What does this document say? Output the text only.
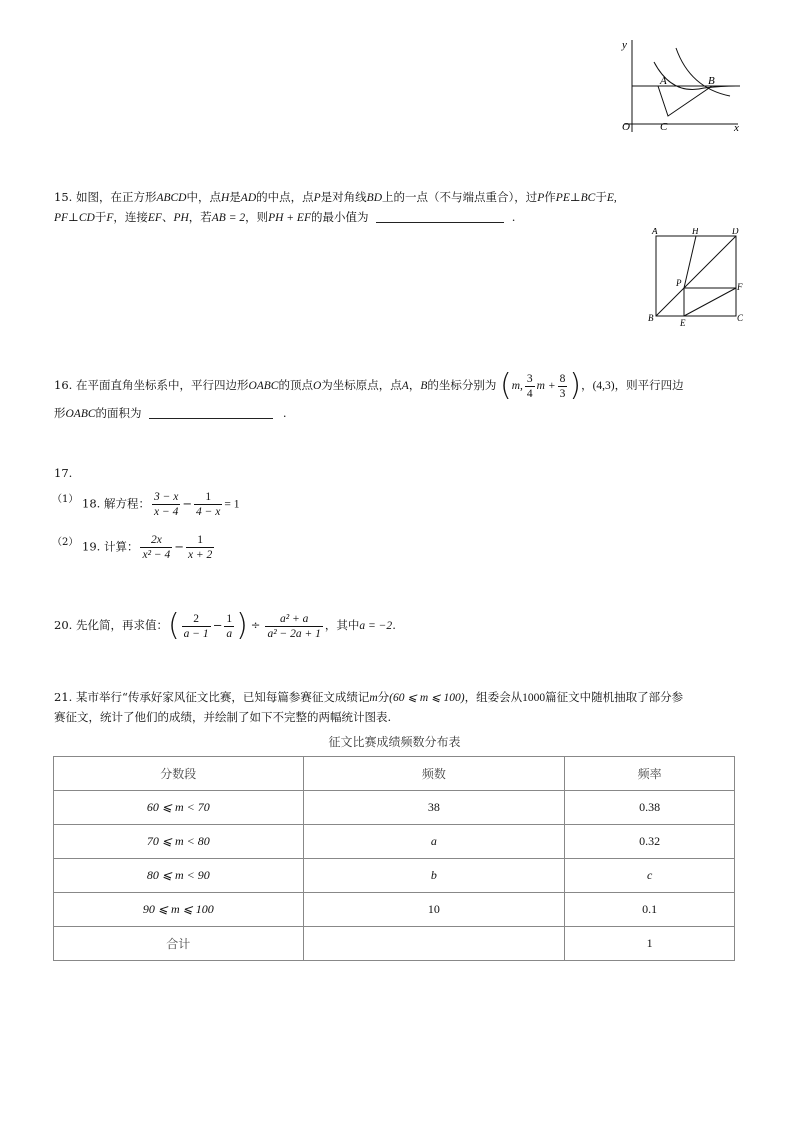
y
x
O
A	B
C
15. 如图，在正方形ABCD中，点H是AD的中点，点P是对角线BD上的一点（不与端点重合），过P作PE⊥BC于E,
PF⊥CD于F，连接EF、PH，若AB = 2，则PH + EF的最小值为	.
A	H	D
P	F
B	E	C
16. 在平面直角坐标系中，平行四边形OABC的顶点O为坐标原点，点A，B的坐标分别为 (m, $\frac{3}{4}$ $m + \frac{8}{3}$ )，(4,3)，则平行四边
形OABC的面积为	.
17.
（1） 18. 解方程： $\frac{3 - x}{x - 4} - \frac{1}{4 - x} = 1$
（2） 19. 计算： $\frac{2x}{\text{x² − 4}} - \frac{1}{x + 2}$
20. 先化简，再求值：( $\frac{2}{a - 1} - \frac{1}{a}$ ) ÷ $\frac{\text{a² + a}}{\text{a² − 2a + 1}}$ ，其中a = −2.
21. 某市举行“传承好家风征文比赛，已知每篇参赛征文成绩记m分(60 ⩽ m ⩽ 100)，组委会从1000篇征文中随机抽取了部分参
赛征文，统计了他们的成绩，并绘制了如下不完整的两幅统计图表.
征文比赛成绩频数分布表
分数段	频数	频率
60 ⩽ m < 70	38	0.38
70 ⩽ m < 80	a	0.32
80 ⩽ m < 90	b	c
90 ⩽ m ⩽ 100	10	0.1
合计		1
